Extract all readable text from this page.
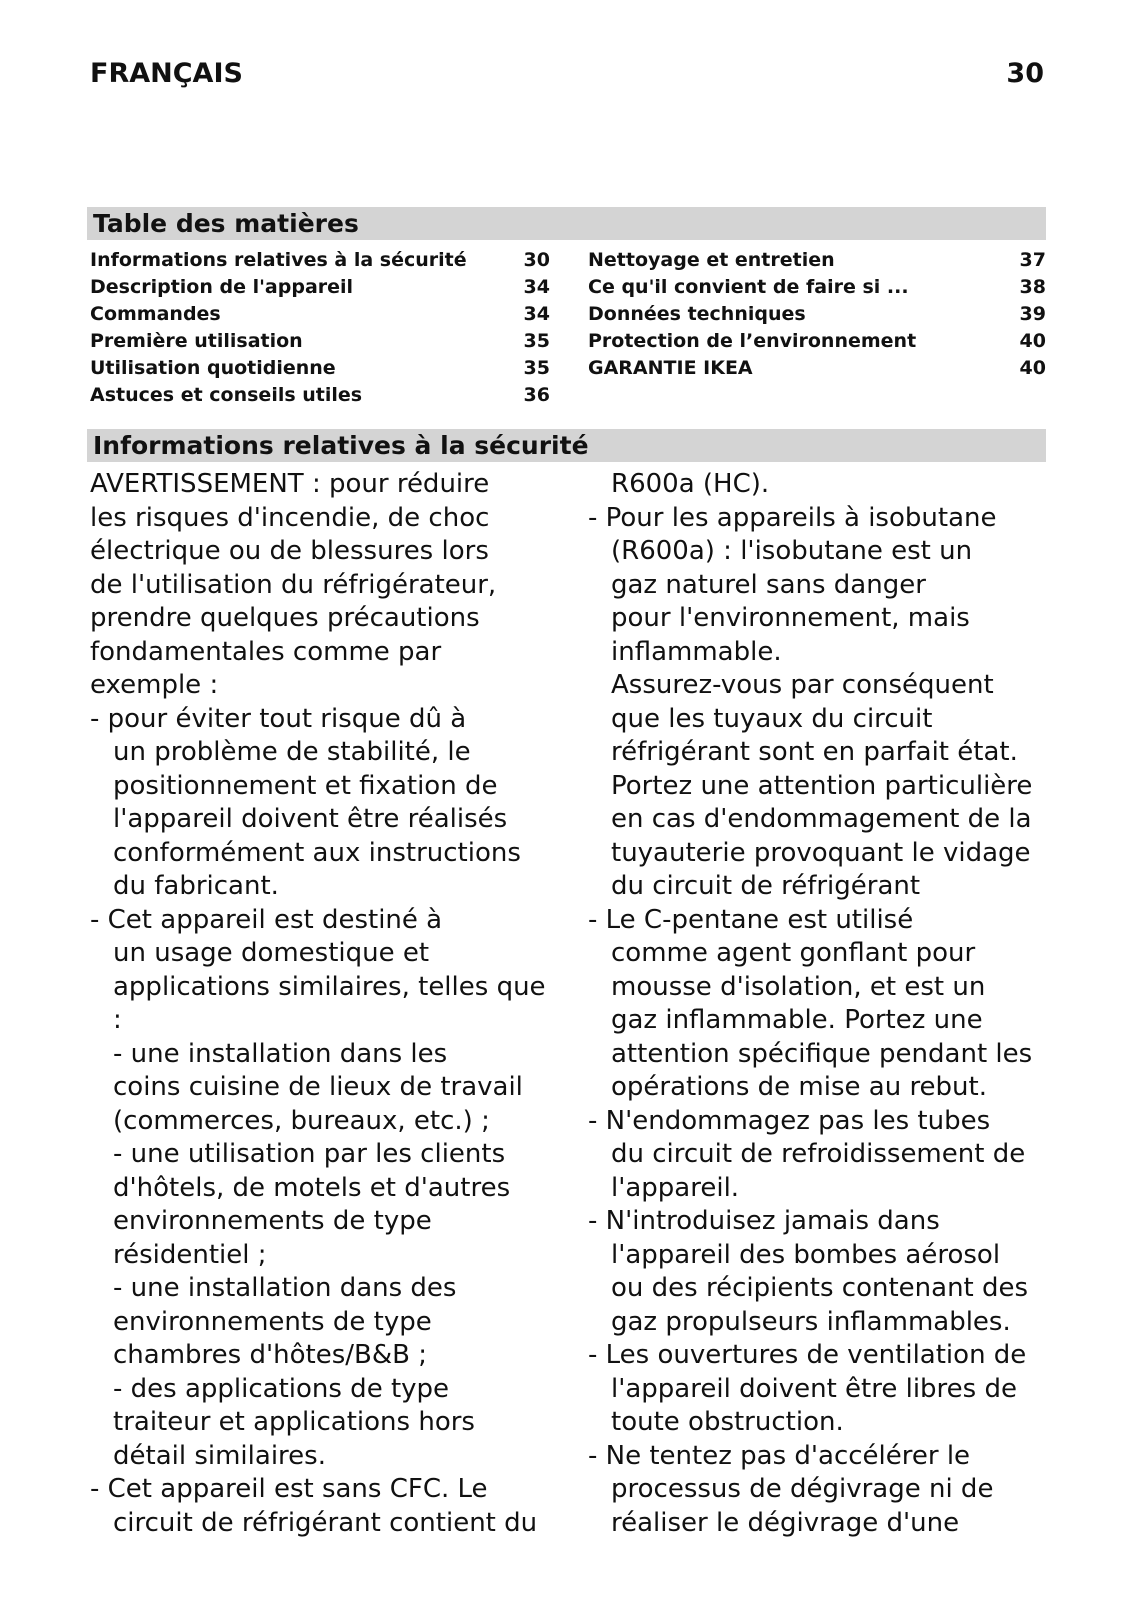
FRANÇAIS	30
Table des matières
Informations relatives à la sécurité	30
Description de l'appareil	34
Commandes	34
Première utilisation	35
Utilisation quotidienne	35
Astuces et conseils utiles	36
Nettoyage et entretien	37
Ce qu'il convient de faire si ...	38
Données techniques	39
Protection de l’environnement	40
GARANTIE IKEA	40
Informations relatives à la sécurité
AVERTISSEMENT : pour réduire
les risques d'incendie, de choc
électrique ou de blessures lors
de l'utilisation du réfrigérateur,
prendre quelques précautions
fondamentales comme par
exemple :
- pour éviter tout risque dû à
un problème de stabilité, le
positionnement et fixation de
l'appareil doivent être réalisés
conformément aux instructions
du fabricant.
- Cet appareil est destiné à
un usage domestique et
applications similaires, telles que
:
- une installation dans les
coins cuisine de lieux de travail
(commerces, bureaux, etc.) ;
- une utilisation par les clients
d'hôtels, de motels et d'autres
environnements de type
résidentiel ;
- une installation dans des
environnements de type
chambres d'hôtes/B&B ;
- des applications de type
traiteur et applications hors
détail similaires.
- Cet appareil est sans CFC. Le
circuit de réfrigérant contient du
R600a (HC).
- Pour les appareils à isobutane
(R600a) : l'isobutane est un
gaz naturel sans danger
pour l'environnement, mais
inflammable.
Assurez-vous par conséquent
que les tuyaux du circuit
réfrigérant sont en parfait état.
Portez une attention particulière
en cas d'endommagement de la
tuyauterie provoquant le vidage
du circuit de réfrigérant
- Le C-pentane est utilisé
comme agent gonflant pour
mousse d'isolation, et est un
gaz inflammable. Portez une
attention spécifique pendant les
opérations de mise au rebut.
- N'endommagez pas les tubes
du circuit de refroidissement de
l'appareil.
- N'introduisez jamais dans
l'appareil des bombes aérosol
ou des récipients contenant des
gaz propulseurs inflammables.
- Les ouvertures de ventilation de
l'appareil doivent être libres de
toute obstruction.
- Ne tentez pas d'accélérer le
processus de dégivrage ni de
réaliser le dégivrage d'une
